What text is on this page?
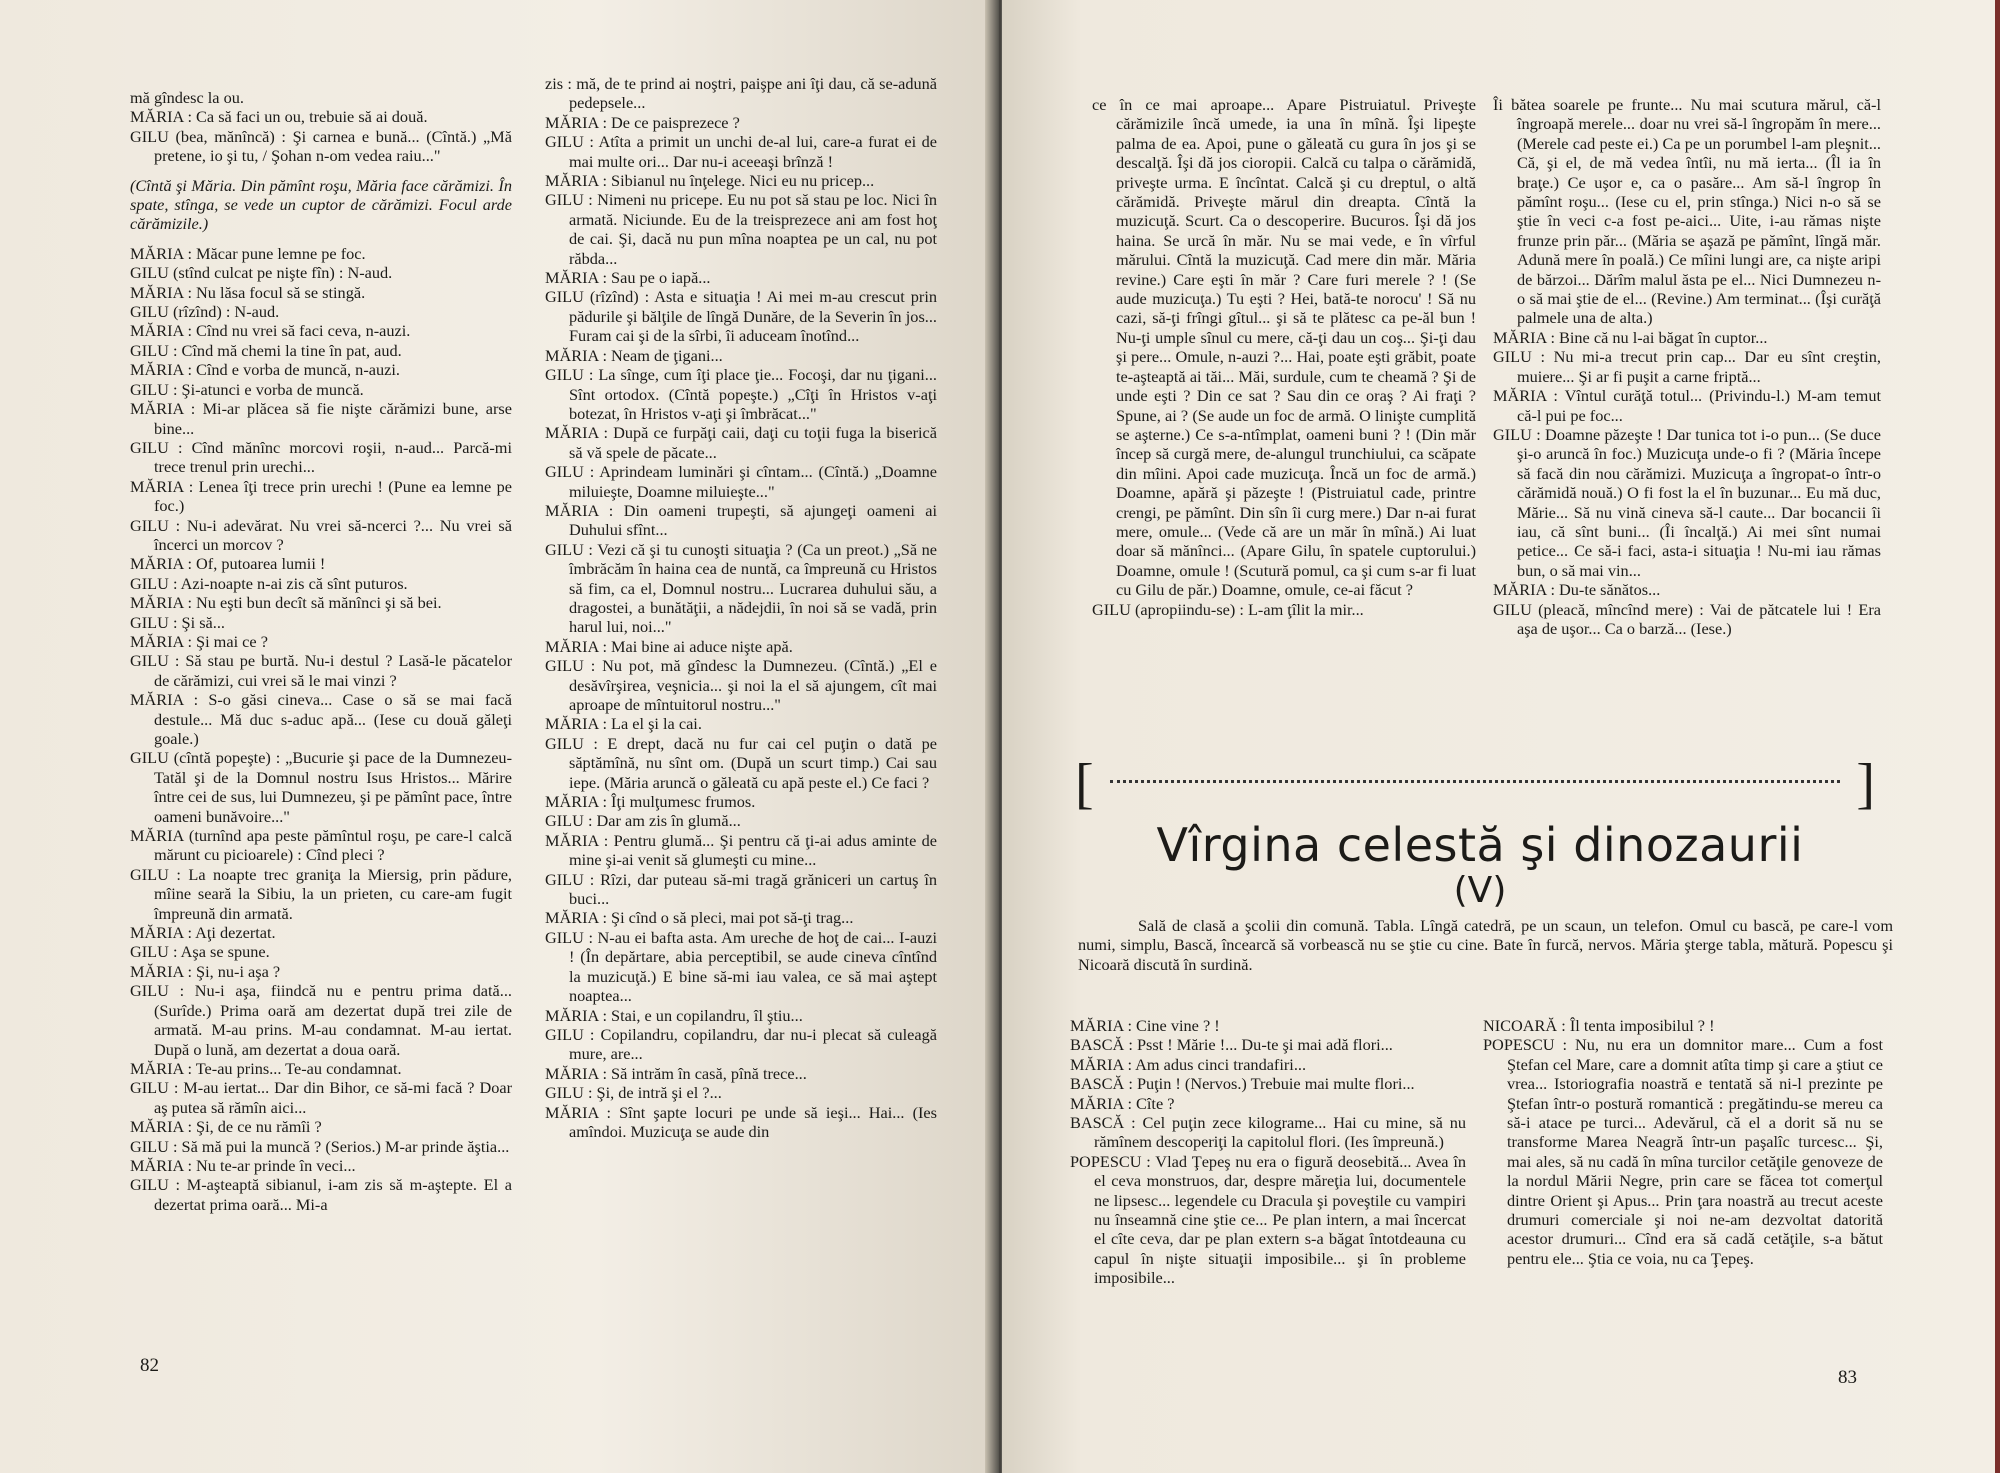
mă gîndesc la ou.

MĂRIA : Ca să faci un ou, trebuie să ai două.

GILU (bea, mănîncă) : Şi carnea e bună... (Cîntă.) „Mă pretene, io şi tu, / Şohan n-om vedea raiu..."

(Cîntă şi Măria. Din pămînt roşu, Măria face cărămizi. În spate, stînga, se vede un cuptor de cărămizi. Focul arde cărămizile.)

MĂRIA : Măcar pune lemne pe foc.

GILU (stînd culcat pe nişte fîn) : N-aud.

MĂRIA : Nu lăsa focul să se stingă.

GILU (rîzînd) : N-aud.

MĂRIA : Cînd nu vrei să faci ceva, n-auzi.

GILU : Cînd mă chemi la tine în pat, aud.

MĂRIA : Cînd e vorba de muncă, n-auzi.

GILU : Şi-atunci e vorba de muncă.

MĂRIA : Mi-ar plăcea să fie nişte cărămizi bune, arse bine...

GILU : Cînd mănînc morcovi roşii, n-aud... Parcă-mi trece trenul prin urechi...

MĂRIA : Lenea îţi trece prin urechi ! (Pune ea lemne pe foc.)

GILU : Nu-i adevărat. Nu vrei să-ncerci ?... Nu vrei să încerci un morcov ?

MĂRIA : Of, putoarea lumii !

GILU : Azi-noapte n-ai zis că sînt puturos.

MĂRIA : Nu eşti bun decît să mănînci şi să bei.

GILU : Şi să...

MĂRIA : Şi mai ce ?

GILU : Să stau pe burtă. Nu-i destul ? Lasă-le păcatelor de cărămizi, cui vrei să le mai vinzi ?

MĂRIA : S-o găsi cineva... Case o să se mai facă destule... Mă duc s-aduc apă... (Iese cu două găleţi goale.)

GILU (cîntă popeşte) : „Bucurie şi pace de la Dumnezeu-Tatăl şi de la Domnul nostru Isus Hristos... Mărire între cei de sus, lui Dumnezeu, şi pe pămînt pace, între oameni bunăvoire..."

MĂRIA (turnînd apa peste pămîntul roşu, pe care-l calcă mărunt cu picioarele) : Cînd pleci ?

GILU : La noapte trec graniţa la Miersig, prin pădure, mîine seară la Sibiu, la un prieten, cu care-am fugit împreună din armată.

MĂRIA : Aţi dezertat.

GILU : Aşa se spune.

MĂRIA : Şi, nu-i aşa ?

GILU : Nu-i aşa, fiindcă nu e pentru prima dată... (Surîde.) Prima oară am dezertat după trei zile de armată. M-au prins. M-au condamnat. M-au iertat. După o lună, am dezertat a doua oară.

MĂRIA : Te-au prins... Te-au condamnat.

GILU : M-au iertat... Dar din Bihor, ce să-mi facă ? Doar aş putea să rămîn aici...

MĂRIA : Şi, de ce nu rămîi ?

GILU : Să mă pui la muncă ? (Serios.) M-ar prinde ăştia...

MĂRIA : Nu te-ar prinde în veci...

GILU : M-aşteaptă sibianul, i-am zis să m-aştepte. El a dezertat prima oară... Mi-a

zis : mă, de te prind ai noştri, paişpe ani îţi dau, că se-adună pedepsele...

MĂRIA : De ce paisprezece ?

GILU : Atîta a primit un unchi de-al lui, care-a furat ei de mai multe ori... Dar nu-i aceeaşi brînză !

MĂRIA : Sibianul nu înţelege. Nici eu nu pricep...

GILU : Nimeni nu pricepe. Eu nu pot să stau pe loc. Nici în armată. Niciunde. Eu de la treisprezece ani am fost hoţ de cai. Şi, dacă nu pun mîna noaptea pe un cal, nu pot răbda...

MĂRIA : Sau pe o iapă...

GILU (rîzînd) : Asta e situaţia ! Ai mei m-au crescut prin pădurile şi bălţile de lîngă Dunăre, de la Severin în jos... Furam cai şi de la sîrbi, îi aduceam înotînd...

MĂRIA : Neam de ţigani...

GILU : La sînge, cum îţi place ţie... Focoşi, dar nu ţigani... Sînt ortodox. (Cîntă popeşte.) „Cîţi în Hristos v-aţi botezat, în Hristos v-aţi şi îmbrăcat..."

MĂRIA : După ce furpăţi caii, daţi cu toţii fuga la biserică să vă spele de păcate...

GILU : Aprindeam luminări şi cîntam... (Cîntă.) „Doamne miluieşte, Doamne miluieşte..."

MĂRIA : Din oameni trupeşti, să ajungeţi oameni ai Duhului sfînt...

GILU : Vezi că şi tu cunoşti situaţia ? (Ca un preot.) „Să ne îmbrăcăm în haina cea de nuntă, ca împreună cu Hristos să fim, ca el, Domnul nostru... Lucrarea duhului său, a dragostei, a bunătăţii, a nădejdii, în noi să se vadă, prin harul lui, noi..."

MĂRIA : Mai bine ai aduce nişte apă.

GILU : Nu pot, mă gîndesc la Dumnezeu. (Cîntă.) „El e desăvîrşirea, veşnicia... şi noi la el să ajungem, cît mai aproape de mîntuitorul nostru..."

MĂRIA : La el şi la cai.

GILU : E drept, dacă nu fur cai cel puţin o dată pe săptămînă, nu sînt om. (După un scurt timp.) Cai sau iepe. (Măria aruncă o găleată cu apă peste el.) Ce faci ?

MĂRIA : Îţi mulţumesc frumos.

GILU : Dar am zis în glumă...

MĂRIA : Pentru glumă... Şi pentru că ţi-ai adus aminte de mine şi-ai venit să glumeşti cu mine...

GILU : Rîzi, dar puteau să-mi tragă grăniceri un cartuş în buci...

MĂRIA : Şi cînd o să pleci, mai pot să-ţi trag...

GILU : N-au ei bafta asta. Am ureche de hoţ de cai... I-auzi ! (În depărtare, abia perceptibil, se aude cineva cîntînd la muzicuţă.) E bine să-mi iau valea, ce să mai aştept noaptea...

MĂRIA : Stai, e un copilandru, îl ştiu...

GILU : Copilandru, copilandru, dar nu-i plecat să culeagă mure, are...

MĂRIA : Să intrăm în casă, pînă trece...

GILU : Şi, de intră şi el ?...

MĂRIA : Sînt şapte locuri pe unde să ieşi... Hai... (Ies amîndoi. Muzicuţa se aude din

82

ce în ce mai aproape... Apare Pistruiatul. Priveşte cărămizile încă umede, ia una în mînă. Îşi lipeşte palma de ea. Apoi, pune o găleată cu gura în jos şi se descalţă. Îşi dă jos cioropii. Calcă cu talpa o cărămidă, priveşte urma. E încîntat. Calcă şi cu dreptul, o altă cărămidă. Priveşte mărul din dreapta. Cîntă la muzicuţă. Scurt. Ca o descoperire. Bucuros. Îşi dă jos haina. Se urcă în măr. Nu se mai vede, e în vîrful mărului. Cîntă la muzicuţă. Cad mere din măr. Măria revine.) Care eşti în măr ? Care furi merele ? ! (Se aude muzicuţa.) Tu eşti ? Hei, bată-te norocu' ! Să nu cazi, să-ţi frîngi gîtul... şi să te plătesc ca pe-ăl bun ! Nu-ţi umple sînul cu mere, că-ţi dau un coş... Şi-ţi dau şi pere... Omule, n-auzi ?... Hai, poate eşti grăbit, poate te-aşteaptă ai tăi... Măi, surdule, cum te cheamă ? Şi de unde eşti ? Din ce sat ? Sau din ce oraş ? Ai fraţi ? Spune, ai ? (Se aude un foc de armă. O linişte cumplită se aşterne.) Ce s-a-ntîmplat, oameni buni ? ! (Din măr încep să curgă mere, de-alungul trunchiului, ca scăpate din mîini. Apoi cade muzicuţa. Încă un foc de armă.) Doamne, apără şi păzeşte ! (Pistruiatul cade, printre crengi, pe pămînt. Din sîn îi curg mere.) Dar n-ai furat mere, omule... (Vede că are un măr în mînă.) Ai luat doar să mănînci... (Apare Gilu, în spatele cuptorului.) Doamne, omule ! (Scutură pomul, ca şi cum s-ar fi luat cu Gilu de păr.) Doamne, omule, ce-ai făcut ?

GILU (apropiindu-se) : L-am ţîlit la mir...

Îi bătea soarele pe frunte... Nu mai scutura mărul, că-l îngroapă merele... doar nu vrei să-l îngropăm în mere... (Merele cad peste ei.) Ca pe un porumbel l-am pleşnit... Că, şi el, de mă vedea întîi, nu mă ierta... (Îl ia în braţe.) Ce uşor e, ca o pasăre... Am să-l îngrop în pămînt roşu... (Iese cu el, prin stînga.) Nici n-o să se ştie în veci c-a fost pe-aici... Uite, i-au rămas nişte frunze prin păr... (Măria se aşază pe pămînt, lîngă măr. Adună mere în poală.) Ce mîini lungi are, ca nişte aripi de bărzoi... Dărîm malul ăsta pe el... Nici Dumnezeu n-o să mai ştie de el... (Revine.) Am terminat... (Îşi curăţă palmele una de alta.)

MĂRIA : Bine că nu l-ai băgat în cuptor...

GILU : Nu mi-a trecut prin cap... Dar eu sînt creştin, muiere... Şi ar fi puşit a carne friptă...

MĂRIA : Vîntul curăţă totul... (Privindu-l.) M-am temut că-l pui pe foc...

GILU : Doamne păzeşte ! Dar tunica tot i-o pun... (Se duce şi-o aruncă în foc.) Muzicuţa unde-o fi ? (Măria începe să facă din nou cărămizi. Muzicuţa a îngropat-o într-o cărămidă nouă.) O fi fost la el în buzunar... Eu mă duc, Mărie... Să nu vină cineva să-l caute... Dar bocancii îi iau, că sînt buni... (Îi încalţă.) Ai mei sînt numai petice... Ce să-i faci, asta-i situaţia ! Nu-mi iau rămas bun, o să mai vin...

MĂRIA : Du-te sănătos...

GILU (pleacă, mîncînd mere) : Vai de pătcatele lui ! Era aşa de uşor... Ca o barză... (Iese.)

[	]
Vîrgina celestă şi dinozaurii
(V)

Sală de clasă a şcolii din comună. Tabla. Lîngă catedră, pe un scaun, un telefon. Omul cu bască, pe care-l vom numi, simplu, Bască, încearcă să vorbească nu se ştie cu cine. Bate în furcă, nervos. Măria şterge tabla, mătură. Popescu şi Nicoară discută în surdină.

MĂRIA : Cine vine ? !

BASCĂ : Psst ! Mărie !... Du-te şi mai adă flori...

MĂRIA : Am adus cinci trandafiri...

BASCĂ : Puţin ! (Nervos.) Trebuie mai multe flori...

MĂRIA : Cîte ?

BASCĂ : Cel puţin zece kilograme... Hai cu mine, să nu rămînem descoperiţi la capitolul flori. (Ies împreună.)

POPESCU : Vlad Ţepeş nu era o figură deosebită... Avea în el ceva monstruos, dar, despre măreţia lui, documentele ne lipsesc... legendele cu Dracula şi poveştile cu vampiri nu înseamnă cine ştie ce... Pe plan intern, a mai încercat el cîte ceva, dar pe plan extern s-a băgat întotdeauna cu capul în nişte situaţii imposibile... şi în probleme imposibile...

NICOARĂ : Îl tenta imposibilul ? !

POPESCU : Nu, nu era un domnitor mare... Cum a fost Ştefan cel Mare, care a domnit atîta timp şi care a ştiut ce vrea... Istoriografia noastră e tentată să ni-l prezinte pe Ştefan într-o postură romantică : pregătindu-se mereu ca să-i atace pe turci... Adevărul, că el a dorit să nu se transforme Marea Neagră într-un paşalîc turcesc... Şi, mai ales, să nu cadă în mîna turcilor cetăţile genoveze de la nordul Mării Negre, prin care se făcea tot comerţul dintre Orient şi Apus... Prin ţara noastră au trecut aceste drumuri comerciale şi noi ne-am dezvoltat datorită acestor drumuri... Cînd era să cadă cetăţile, s-a bătut pentru ele... Ştia ce voia, nu ca Ţepeş.

83
